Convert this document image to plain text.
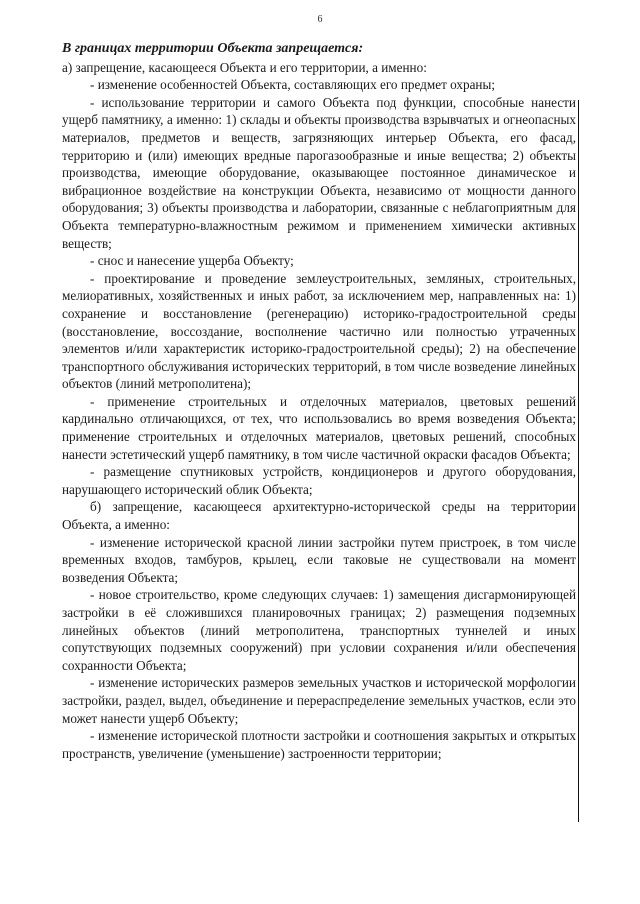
6

В границах территории Объекта запрещается:

а) запрещение, касающееся Объекта и его территории, а именно:

- изменение особенностей Объекта, составляющих его предмет охраны;

- использование территории и самого Объекта под функции, способные нанести ущерб памятнику, а именно: 1) склады и объекты производства взрывчатых и огнеопасных материалов, предметов и веществ, загрязняющих интерьер Объекта, его фасад, территорию и (или) имеющих вредные парогазообразные и иные вещества; 2) объекты производства, имеющие оборудование, оказывающее постоянное динамическое и вибрационное воздействие на конструкции Объекта, независимо от мощности данного оборудования; 3) объекты производства и лаборатории, связанные с неблагоприятным для Объекта температурно-влажностным режимом и применением химически активных веществ;

- снос и нанесение ущерба Объекту;

- проектирование и проведение землеустроительных, земляных, строительных, мелиоративных, хозяйственных и иных работ, за исключением мер, направленных на: 1) сохранение и восстановление (регенерацию) историко-градостроительной среды (восстановление, воссоздание, восполнение частично или полностью утраченных элементов и/или характеристик историко-градостроительной среды); 2) на обеспечение транспортного обслуживания исторических территорий, в том числе возведение линейных объектов (линий метрополитена);

- применение строительных и отделочных материалов, цветовых решений кардинально отличающихся, от тех, что использовались во время возведения Объекта; применение строительных и отделочных материалов, цветовых решений, способных нанести эстетический ущерб памятнику, в том числе частичной окраски фасадов Объекта;

- размещение спутниковых устройств, кондиционеров и другого оборудования, нарушающего исторический облик Объекта;

б) запрещение, касающееся архитектурно-исторической среды на территории Объекта, а именно:

- изменение исторической красной линии застройки путем пристроек, в том числе временных входов, тамбуров, крылец, если таковые не существовали на момент возведения Объекта;

- новое строительство, кроме следующих случаев: 1) замещения дисгармонирующей застройки в её сложившихся планировочных границах; 2) размещения подземных линейных объектов (линий метрополитена, транспортных туннелей и иных сопутствующих подземных сооружений) при условии сохранения и/или обеспечения сохранности Объекта;

- изменение исторических размеров земельных участков и исторической морфологии застройки, раздел, выдел, объединение и перераспределение земельных участков, если это может нанести ущерб Объекту;

- изменение исторической плотности застройки и соотношения закрытых и открытых пространств, увеличение (уменьшение) застроенности территории;
